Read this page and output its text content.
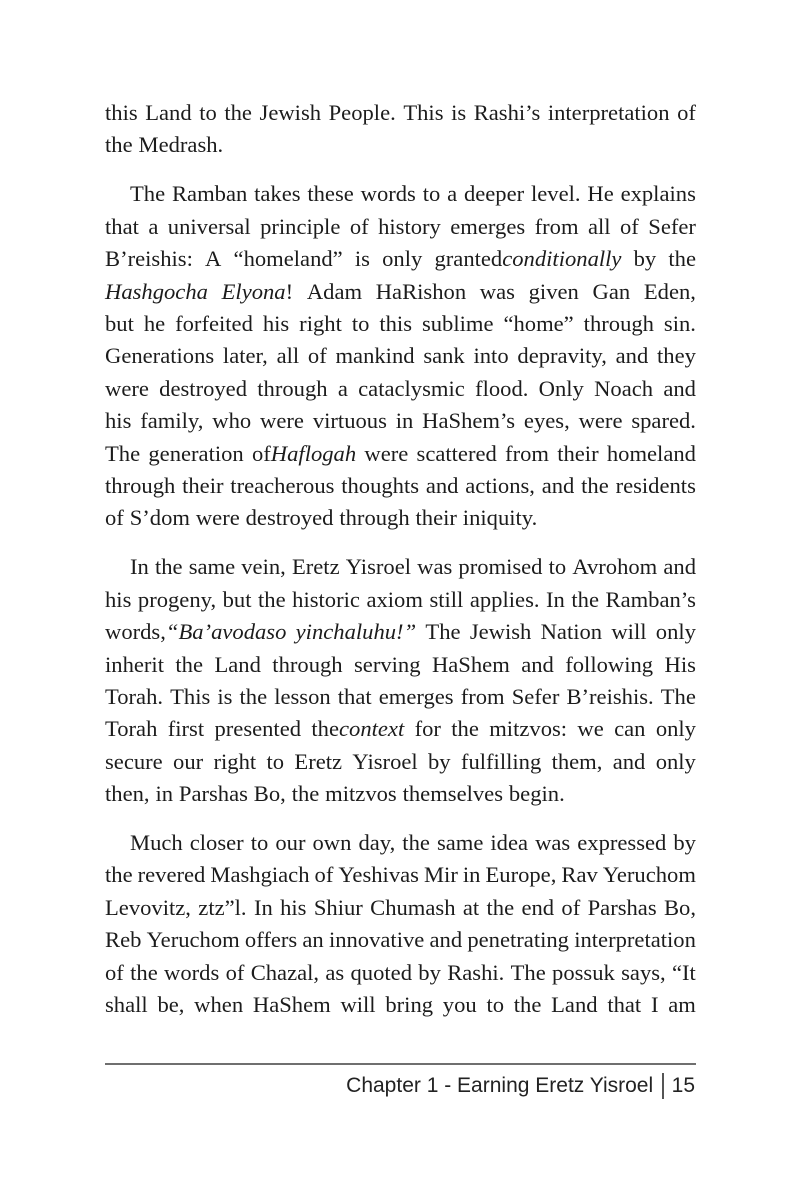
this Land to the Jewish People. This is Rashi’s interpretation of
the Medrash.
The Ramban takes these words to a deeper level. He explains
that a universal principle of history emerges from all of Sefer
B’reishis: A “homeland” is only grantedconditionally by the
Hashgocha Elyona! Adam HaRishon was given Gan Eden,
but he forfeited his right to this sublime “home” through sin.
Generations later, all of mankind sank into depravity, and they
were destroyed through a cataclysmic flood. Only Noach and
his family, who were virtuous in HaShem’s eyes, were spared.
The generation ofHaflogah were scattered from their homeland
through their treacherous thoughts and actions, and the residents
of S’dom were destroyed through their iniquity.
In the same vein, Eretz Yisroel was promised to Avrohom and
his progeny, but the historic axiom still applies. In the Ramban’s
words,“Ba’avodaso yinchaluhu!” The Jewish Nation will only
inherit the Land through serving HaShem and following His
Torah. This is the lesson that emerges from Sefer B’reishis. The
Torah first presented thecontext for the mitzvos: we can only
secure our right to Eretz Yisroel by fulfilling them, and only
then, in Parshas Bo, the mitzvos themselves begin.
Much closer to our own day, the same idea was expressed by
the revered Mashgiach of Yeshivas Mir in Europe, Rav Yeruchom
Levovitz, ztz”l. In his Shiur Chumash at the end of Parshas Bo,
Reb Yeruchom offers an innovative and penetrating interpretation
of the words of Chazal, as quoted by Rashi. The possuk says, “It
shall be, when HaShem will bring you to the Land that I am
Chapter 1 - Earning Eretz Yisroel 15
